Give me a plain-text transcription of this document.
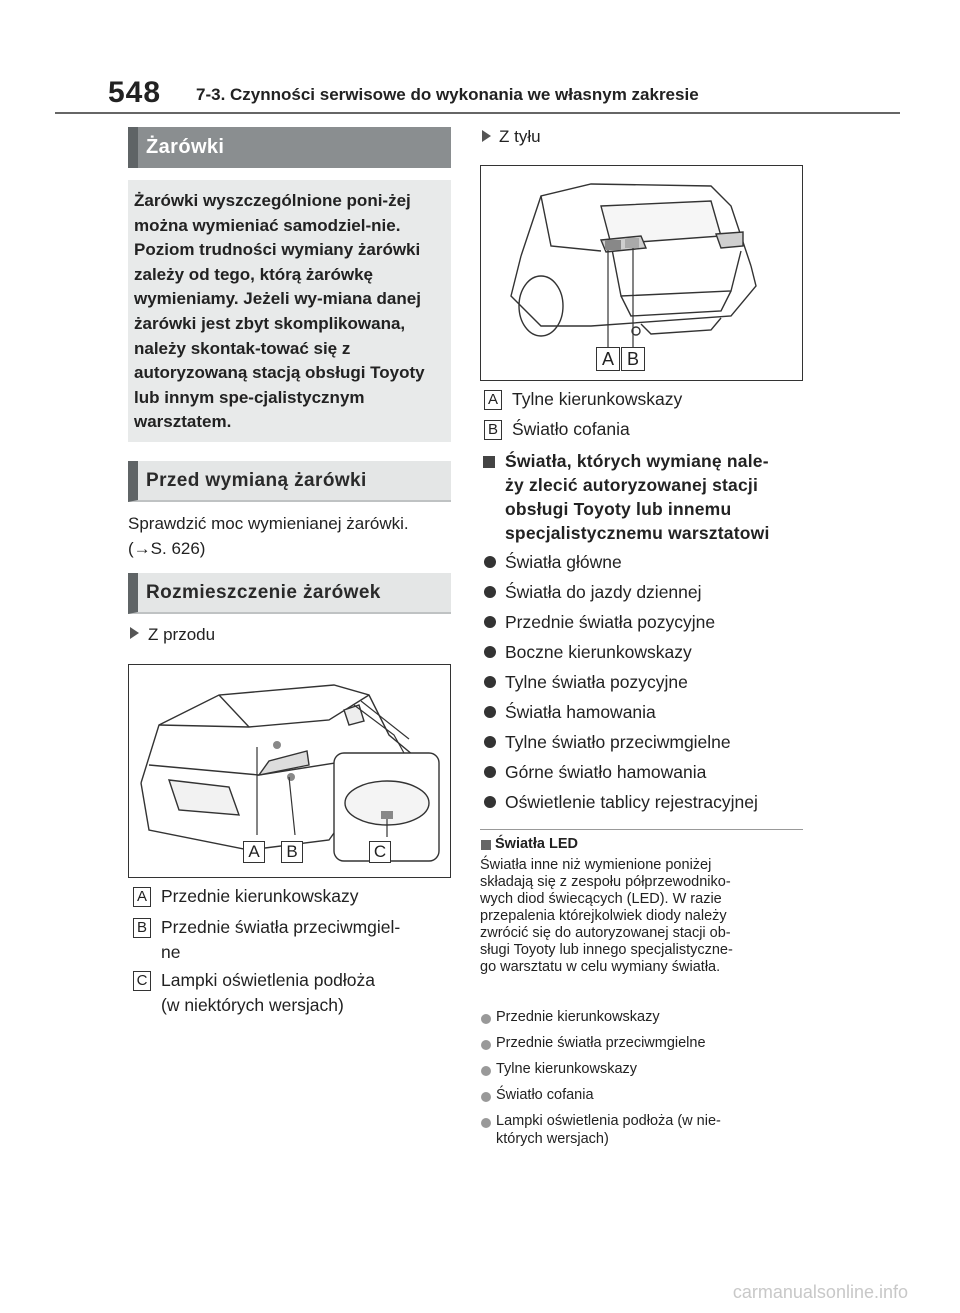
548 7-3. Czynności serwisowe do wykonania we własnym zakresie
Żarówki

Żarówki wyszczególnione poni-żej można wymieniać samodziel-nie. Poziom trudności wymiany żarówki zależy od tego, którą żarówkę wymieniamy. Jeżeli wy-miana danej żarówki jest zbyt skomplikowana, należy skontak-tować się z autoryzowaną stacją obsługi Toyoty lub innym spe-cjalistycznym warsztatem.

Przed wymianą żarówki
Sprawdzić moc wymienianej żarówki.
(→S. 626)
Rozmieszczenie żarówek
Z przodu
A	B	C
A Przednie kierunkowskazy
B Przednie światła przeciwmgiel-
ne
C Lampki oświetlenia podłoża
(w niektórych wersjach)
Z tyłu
A B
A Tylne kierunkowskazy
B Światło cofania
Światła, których wymianę nale-
ży zlecić autoryzowanej stacji
obsługi Toyoty lub innemu
specjalistycznemu warsztatowi
Światła główne
Światła do jazdy dziennej
Przednie światła pozycyjne
Boczne kierunkowskazy
Tylne światła pozycyjne
Światła hamowania
Tylne światło przeciwmgielne
Górne światło hamowania
Oświetlenie tablicy rejestracyjnej
Światła LED
Światła inne niż wymienione poniżej
składają się z zespołu półprzewodniko-
wych diod świecących (LED). W razie
przepalenia którejkolwiek diody należy
zwrócić się do autoryzowanej stacji ob-
sługi Toyoty lub innego specjalistyczne-
go warsztatu w celu wymiany światła.
Przednie kierunkowskazy
Przednie światła przeciwmgielne
Tylne kierunkowskazy
Światło cofania
Lampki oświetlenia podłoża (w nie-
których wersjach)
carmanualsonline.info
